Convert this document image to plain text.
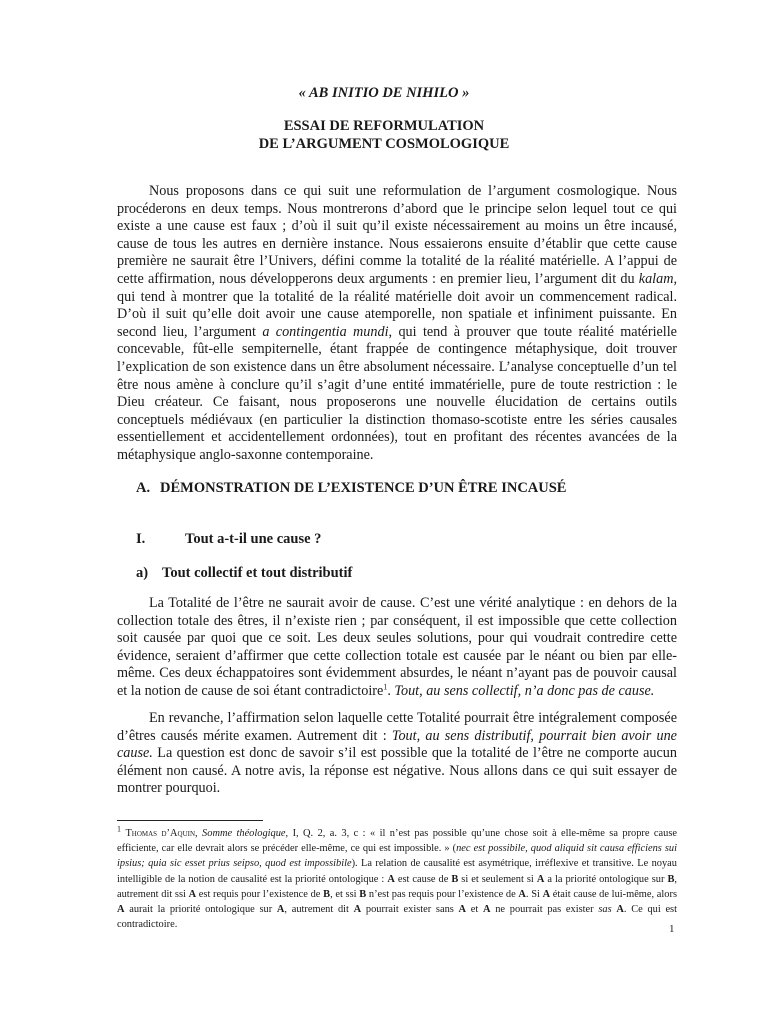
« AB INITIO DE NIHILO »
ESSAI DE REFORMULATION
DE L’ARGUMENT COSMOLOGIQUE

Nous proposons dans ce qui suit une reformulation de l’argument cosmologique. Nous procéderons en deux temps. Nous montrerons d’abord que le principe selon lequel tout ce qui existe a une cause est faux ; d’où il suit qu’il existe nécessairement au moins un être incausé, cause de tous les autres en dernière instance. Nous essaierons ensuite d’établir que cette cause première ne saurait être l’Univers, défini comme la totalité de la réalité matérielle. A l’appui de cette affirmation, nous développerons deux arguments : en premier lieu, l’argument dit du kalam, qui tend à montrer que la totalité de la réalité matérielle doit avoir un commencement radical. D’où il suit qu’elle doit avoir une cause atemporelle, non spatiale et infiniment puissante. En second lieu, l’argument a contingentia mundi, qui tend à prouver que toute réalité matérielle concevable, fût-elle sempiternelle, étant frappée de contingence métaphysique, doit trouver l’explication de son existence dans un être absolument nécessaire. L’analyse conceptuelle d’un tel être nous amène à conclure qu’il s’agit d’une entité immatérielle, pure de toute restriction : le Dieu créateur. Ce faisant, nous proposerons une nouvelle élucidation de certains outils conceptuels médiévaux (en particulier la distinction thomaso-scotiste entre les séries causales essentiellement et accidentellement ordonnées), tout en profitant des récentes avancées de la métaphysique anglo-saxonne contemporaine.

A. DÉMONSTRATION DE L’EXISTENCE D’UN ÊTRE INCAUSÉ
I.	Tout a-t-il une cause ?
a) Tout collectif et tout distributif

La Totalité de l’être ne saurait avoir de cause. C’est une vérité analytique : en dehors de la collection totale des êtres, il n’existe rien ; par conséquent, il est impossible que cette collection soit causée par quoi que ce soit. Les deux seules solutions, pour qui voudrait contredire cette évidence, seraient d’affirmer que cette collection totale est causée par le néant ou bien par elle-même. Ces deux échappatoires sont évidemment absurdes, le néant n’ayant pas de pouvoir causal et la notion de cause de soi étant contradictoire$^1$. Tout, au sens collectif, n’a donc pas de cause.

En revanche, l’affirmation selon laquelle cette Totalité pourrait être intégralement composée d’êtres causés mérite examen. Autrement dit : Tout, au sens distributif, pourrait bien avoir une cause. La question est donc de savoir s’il est possible que la totalité de l’être ne comporte aucun élément non causé. A notre avis, la réponse est négative. Nous allons dans ce qui suit essayer de montrer pourquoi.

$^1$ Thomas d’Aquin, Somme théologique, I, Q. 2, a. 3, c : « il n’est pas possible qu’une chose soit à elle-même sa propre cause efficiente, car elle devrait alors se précéder elle-même, ce qui est impossible. » (nec est possibile, quod aliquid sit causa efficiens sui ipsius; quia sic esset prius seipso, quod est impossibile). La relation de causalité est asymétrique, irréflexive et transitive. Le noyau intelligible de la notion de causalité est la priorité ontologique : A est cause de B si et seulement si A a la priorité ontologique sur B, autrement dit ssi A est requis pour l’existence de B, et ssi B n’est pas requis pour l’existence de A. Si A était cause de lui-même, alors A aurait la priorité ontologique sur A, autrement dit A pourrait exister sans A et A ne pourrait pas exister sas A. Ce qui est contradictoire.	1
